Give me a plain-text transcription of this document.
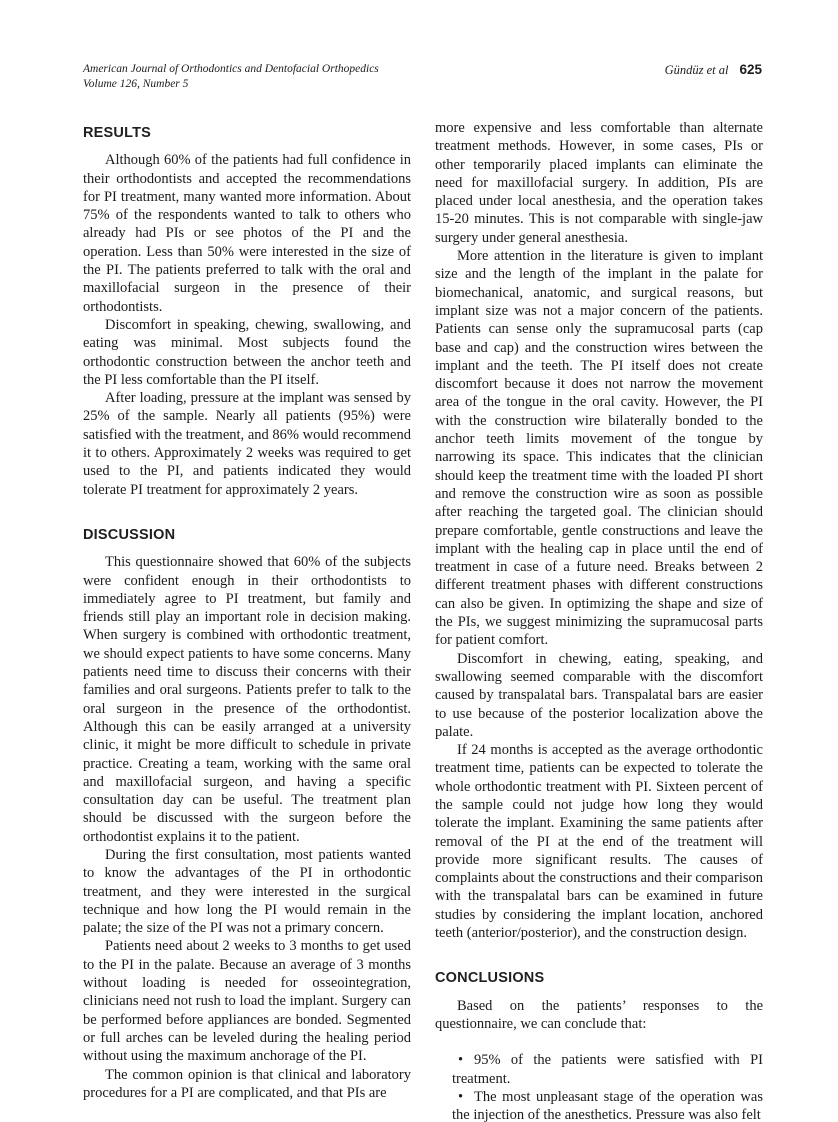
American Journal of Orthodontics and Dentofacial Orthopedics
Volume 126, Number 5
Gündüz et al 625
RESULTS

Although 60% of the patients had full confidence in their orthodontists and accepted the recommendations for PI treatment, many wanted more information. About 75% of the respondents wanted to talk to others who already had PIs or see photos of the PI and the operation. Less than 50% were interested in the size of the PI. The patients preferred to talk with the oral and maxillofacial surgeon in the presence of their orthodontists.

Discomfort in speaking, chewing, swallowing, and eating was minimal. Most subjects found the orthodontic construction between the anchor teeth and the PI less comfortable than the PI itself.

After loading, pressure at the implant was sensed by 25% of the sample. Nearly all patients (95%) were satisfied with the treatment, and 86% would recommend it to others. Approximately 2 weeks was required to get used to the PI, and patients indicated they would tolerate PI treatment for approximately 2 years.

DISCUSSION

This questionnaire showed that 60% of the subjects were confident enough in their orthodontists to immediately agree to PI treatment, but family and friends still play an important role in decision making. When surgery is combined with orthodontic treatment, we should expect patients to have some concerns. Many patients need time to discuss their concerns with their families and oral surgeons. Patients prefer to talk to the oral surgeon in the presence of the orthodontist. Although this can be easily arranged at a university clinic, it might be more difficult to schedule in private practice. Creating a team, working with the same oral and maxillofacial surgeon, and having a specific consultation day can be useful. The treatment plan should be discussed with the surgeon before the orthodontist explains it to the patient.

During the first consultation, most patients wanted to know the advantages of the PI in orthodontic treatment, and they were interested in the surgical technique and how long the PI would remain in the palate; the size of the PI was not a primary concern.

Patients need about 2 weeks to 3 months to get used to the PI in the palate. Because an average of 3 months without loading is needed for osseointegration, clinicians need not rush to load the implant. Surgery can be performed before appliances are bonded. Segmented or full arches can be leveled during the healing period without using the maximum anchorage of the PI.

The common opinion is that clinical and laboratory procedures for a PI are complicated, and that PIs are

more expensive and less comfortable than alternate treatment methods. However, in some cases, PIs or other temporarily placed implants can eliminate the need for maxillofacial surgery. In addition, PIs are placed under local anesthesia, and the operation takes 15-20 minutes. This is not comparable with single-jaw surgery under general anesthesia.

More attention in the literature is given to implant size and the length of the implant in the palate for biomechanical, anatomic, and surgical reasons, but implant size was not a major concern of the patients. Patients can sense only the supramucosal parts (cap base and cap) and the construction wires between the implant and the teeth. The PI itself does not create discomfort because it does not narrow the movement area of the tongue in the oral cavity. However, the PI with the construction wire bilaterally bonded to the anchor teeth limits movement of the tongue by narrowing its space. This indicates that the clinician should keep the treatment time with the loaded PI short and remove the construction wire as soon as possible after reaching the targeted goal. The clinician should prepare comfortable, gentle constructions and leave the implant with the healing cap in place until the end of treatment in case of a future need. Breaks between 2 different treatment phases with different constructions can also be given. In optimizing the shape and size of the PIs, we suggest minimizing the supramucosal parts for patient comfort.

Discomfort in chewing, eating, speaking, and swallowing seemed comparable with the discomfort caused by transpalatal bars. Transpalatal bars are easier to use because of the posterior localization above the palate.

If 24 months is accepted as the average orthodontic treatment time, patients can be expected to tolerate the whole orthodontic treatment with PI. Sixteen percent of the sample could not judge how long they would tolerate the implant. Examining the same patients after removal of the PI at the end of the treatment will provide more significant results. The causes of complaints about the constructions and their comparison with the transpalatal bars can be examined in future studies by considering the implant location, anchored teeth (anterior/posterior), and the construction design.

CONCLUSIONS

Based on the patients’ responses to the questionnaire, we can conclude that:

• 95% of the patients were satisfied with PI treatment.

• The most unpleasant stage of the operation was the injection of the anesthetics. Pressure was also felt
